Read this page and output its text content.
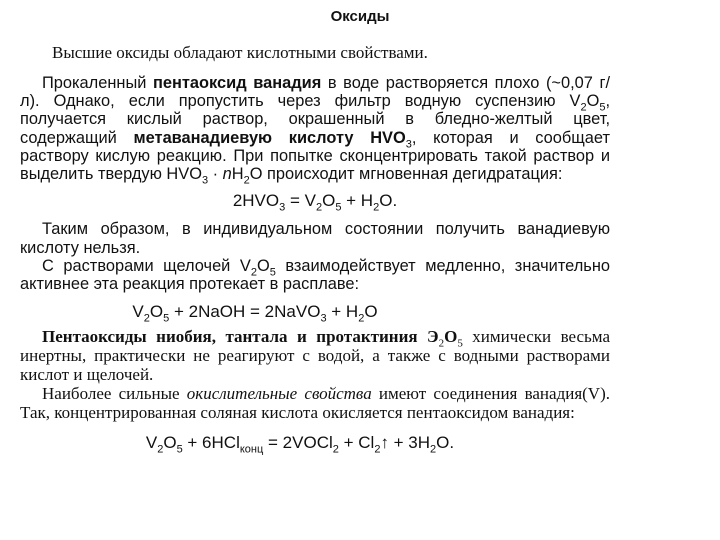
Оксиды
Высшие оксиды обладают кислотными свойствами.

Прокаленный пентаоксид ванадия в воде растворяется плохо (~0,07 г/л). Однако, если пропустить через фильтр водную суспензию $V_2O_5$, получается кислый раствор, окрашенный в бледно-желтый цвет, содержащий метаванадиевую кислоту $HVO_3$, которая и сообщает раствору кислую реакцию. При попытке сконцентрировать такой раствор и выделить твердую $HVO_3 \cdot nH_2O$ происходит мгновенная дегидратация:

$2HVO_3 = V_2O_5 + H_2O$.

Таким образом, в индивидуальном состоянии получить ванадиевую кислоту нельзя.

С растворами щелочей $V_2O_5$ взаимодействует медленно, значительно активнее эта реакция протекает в расплаве:

$V_2O_5$ + 2NaOH = 2NaVO$_3$ + $H_2O$

Пентаоксиды ниобия, тантала и протактиния $Э_2O_5$ химически весьма инертны, практически не реагируют с водой, а также с водными растворами кислот и щелочей.

Наиболее сильные окислительные свойства имеют соединения ванадия(V). Так, концентрированная соляная кислота окисляется пентаоксидом ванадия:

$V_2O_5 + 6HCl_{конц}$ = 2VOCl$_2$ + $Cl_2↑ + 3H_2O$.
